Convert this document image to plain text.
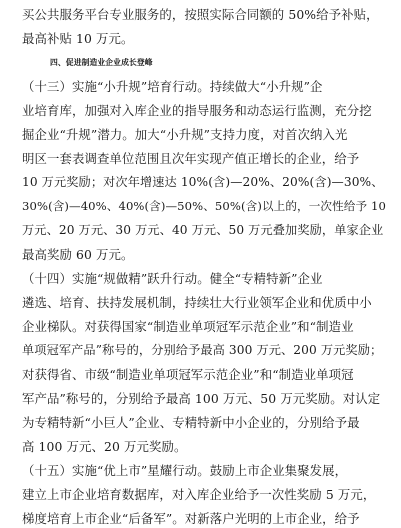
买公共服务平台专业服务的，按照实际合同额的 50%给予补贴，
最高补贴 10 万元。
四、促进制造业企业成长登峰
（十三）实施“小升规”培育行动。持续做大“小升规”企
业培育库，加强对入库企业的指导服务和动态运行监测，充分挖
掘企业“升规”潜力。加大“小升规”支持力度，对首次纳入光
明区一套表调查单位范围且次年实现产值正增长的企业，给予
10 万元奖励；对次年增速达 10%(含)—20%、20%(含)—30%、
30%(含)—40%、40%(含)—50%、50%(含)以上的，一次性给予 10
万元、20 万元、30 万元、40 万元、50 万元叠加奖励，单家企业
最高奖励 60 万元。
（十四）实施“规做精”跃升行动。健全“专精特新”企业
遴选、培育、扶持发展机制，持续壮大行业领军企业和优质中小
企业梯队。对获得国家“制造业单项冠军示范企业”和“制造业
单项冠军产品”称号的，分别给予最高 300 万元、200 万元奖励；
对获得省、市级“制造业单项冠军示范企业”和“制造业单项冠
军产品”称号的，分别给予最高 100 万元、50 万元奖励。对认定
为专精特新“小巨人”企业、专精特新中小企业的，分别给予最
高 100 万元、20 万元奖励。
（十五）实施“优上市”星耀行动。鼓励上市企业集聚发展，
建立上市企业培育数据库，对入库企业给予一次性奖励 5 万元，
梯度培育上市企业“后备军”。对新落户光明的上市企业，给予
